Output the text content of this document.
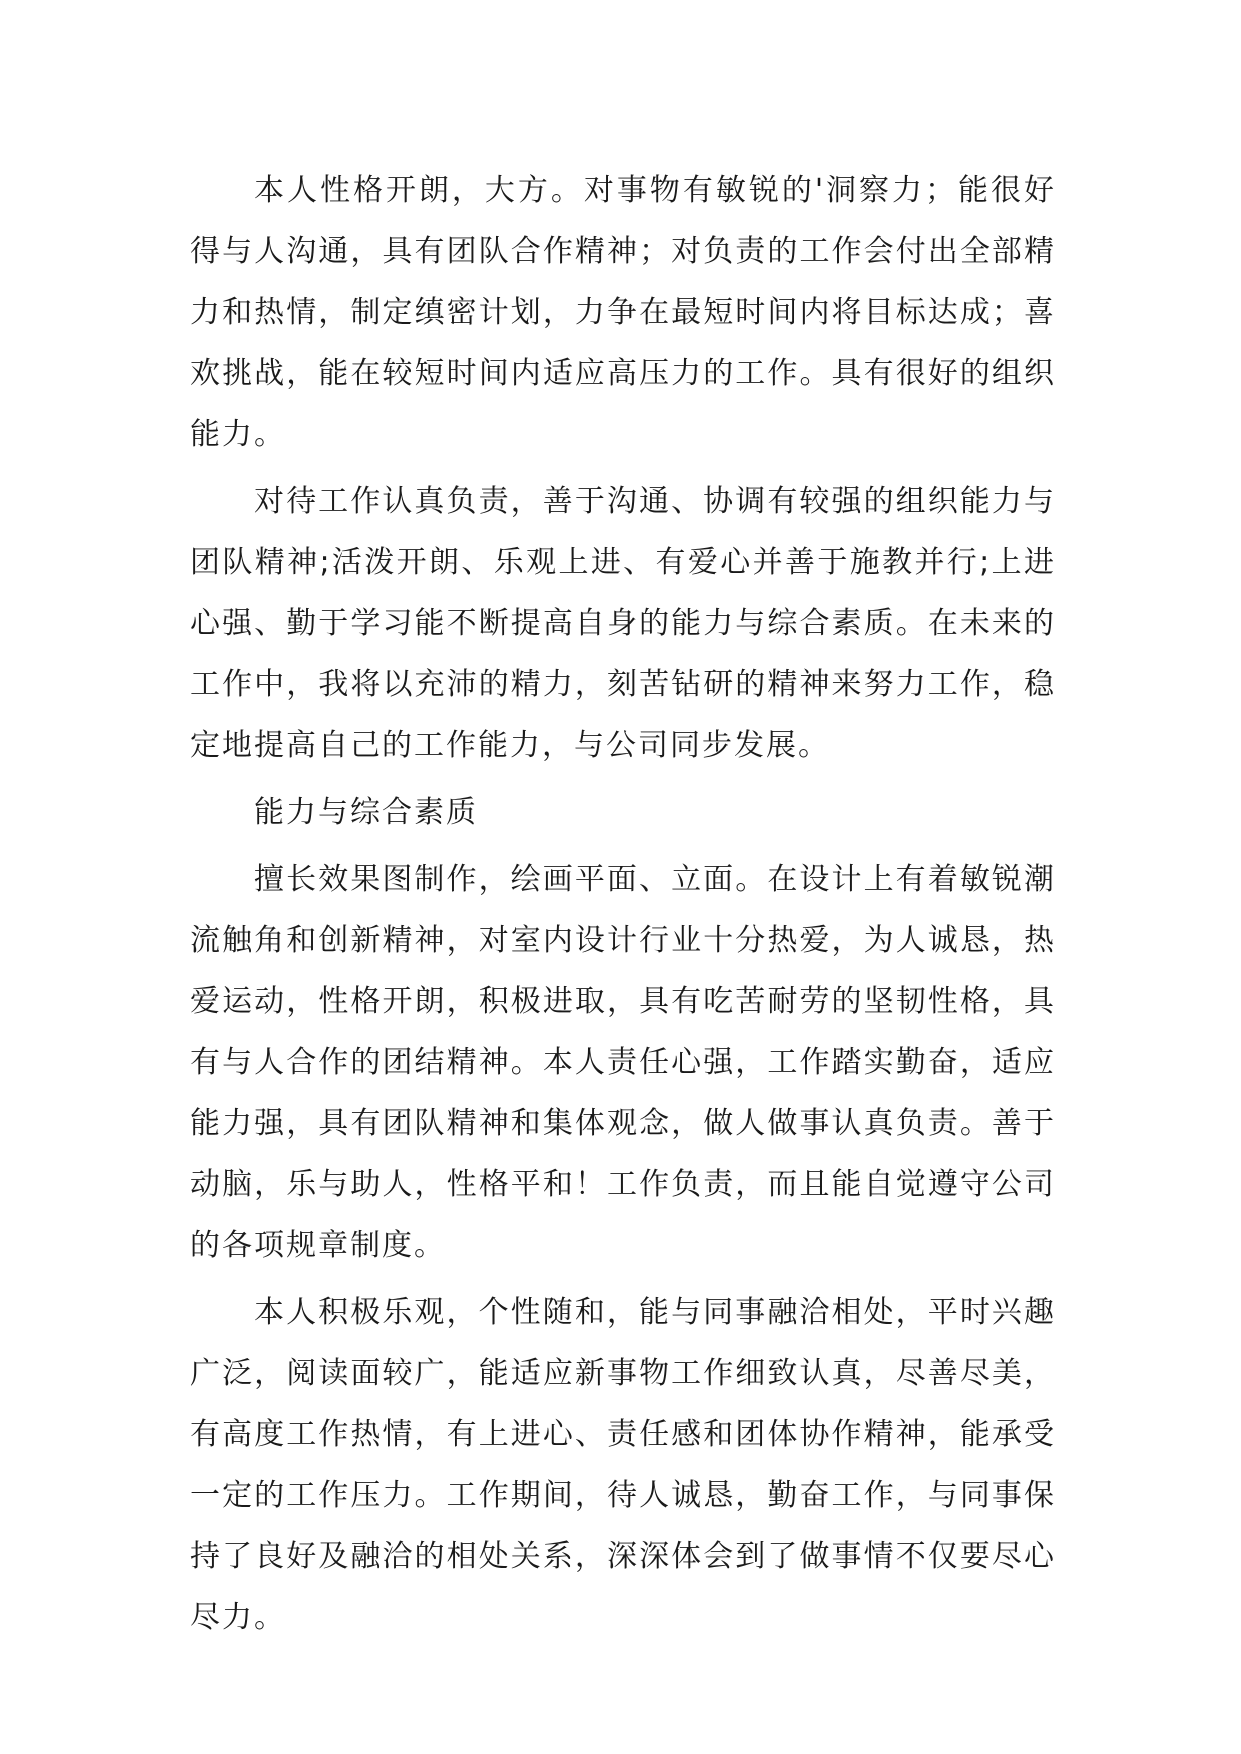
本人性格开朗，大方。对事物有敏锐的'洞察力；能很好得与人沟通，具有团队合作精神；对负责的工作会付出全部精力和热情，制定缜密计划，力争在最短时间内将目标达成；喜欢挑战，能在较短时间内适应高压力的工作。具有很好的组织能力。

对待工作认真负责，善于沟通、协调有较强的组织能力与团队精神;活泼开朗、乐观上进、有爱心并善于施教并行;上进心强、勤于学习能不断提高自身的能力与综合素质。在未来的工作中，我将以充沛的精力，刻苦钻研的精神来努力工作，稳定地提高自己的工作能力，与公司同步发展。

能力与综合素质

擅长效果图制作，绘画平面、立面。在设计上有着敏锐潮流触角和创新精神，对室内设计行业十分热爱，为人诚恳，热爱运动，性格开朗，积极进取，具有吃苦耐劳的坚韧性格，具有与人合作的团结精神。本人责任心强，工作踏实勤奋，适应能力强，具有团队精神和集体观念，做人做事认真负责。善于动脑，乐与助人，性格平和！工作负责，而且能自觉遵守公司的各项规章制度。

本人积极乐观，个性随和，能与同事融洽相处，平时兴趣广泛，阅读面较广，能适应新事物工作细致认真，尽善尽美，有高度工作热情，有上进心、责任感和团体协作精神，能承受一定的工作压力。工作期间，待人诚恳，勤奋工作，与同事保持了良好及融洽的相处关系，深深体会到了做事情不仅要尽心尽力。
